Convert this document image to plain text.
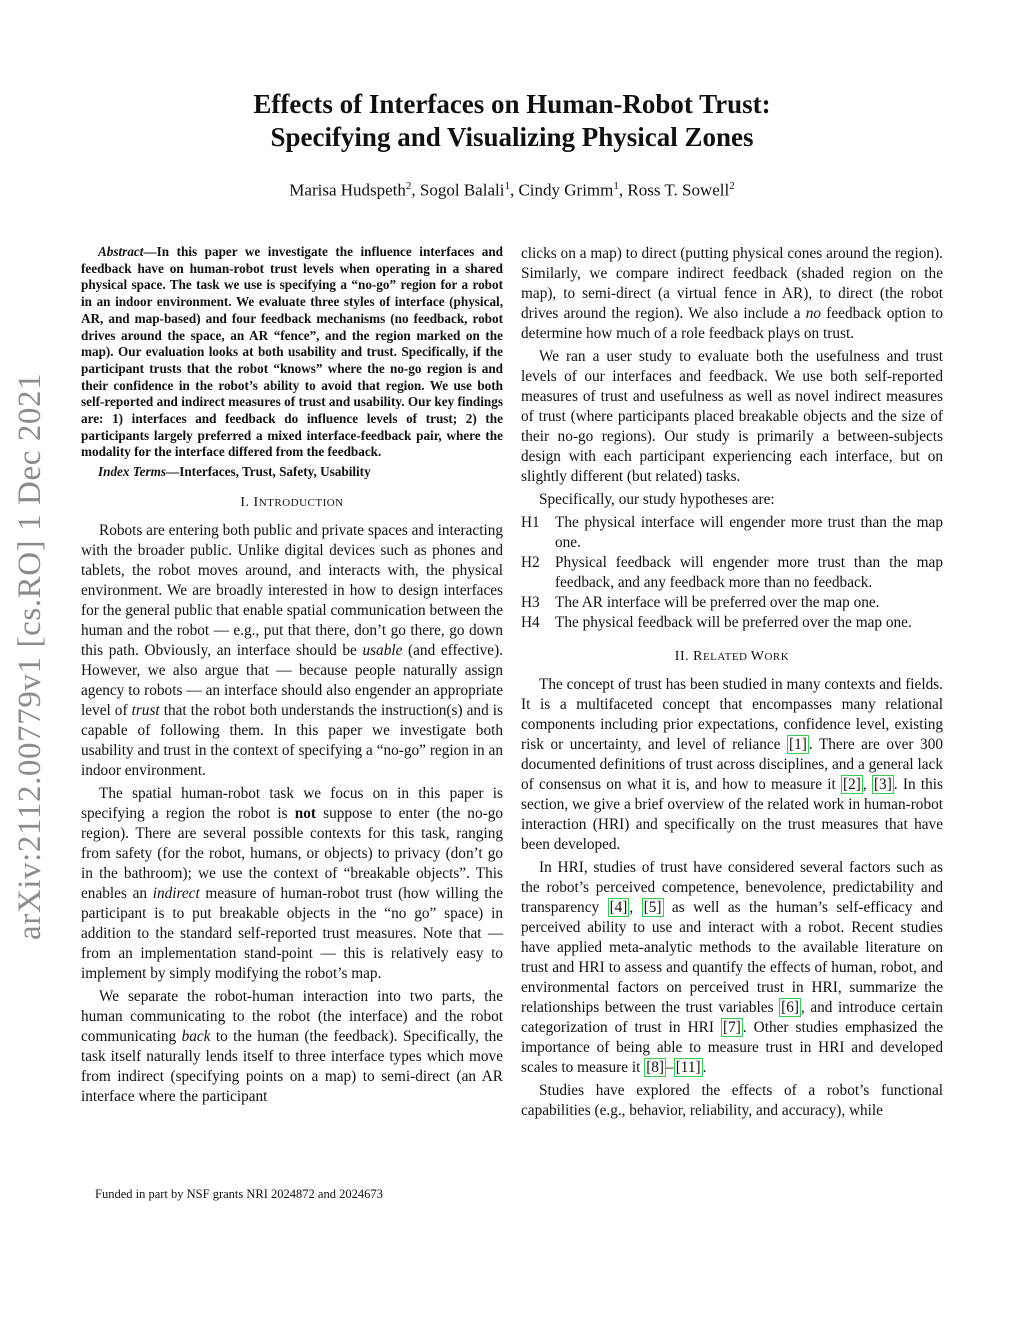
Effects of Interfaces on Human-Robot Trust:
Specifying and Visualizing Physical Zones
Marisa Hudspeth$^2$, Sogol Balali$^1$, Cindy Grimm$^1$, Ross T. Sowell$^2$
arXiv:2112.00779v1 [cs.RO] 1 Dec 2021

Abstract—In this paper we investigate the influence interfaces and feedback have on human-robot trust levels when operating in a shared physical space. The task we use is specifying a “no-go” region for a robot in an indoor environment. We evaluate three styles of interface (physical, AR, and map-based) and four feedback mechanisms (no feedback, robot drives around the space, an AR “fence”, and the region marked on the map). Our evaluation looks at both usability and trust. Specifically, if the participant trusts that the robot “knows” where the no-go region is and their confidence in the robot’s ability to avoid that region. We use both self-reported and indirect measures of trust and usability. Our key findings are: 1) interfaces and feedback do influence levels of trust; 2) the participants largely preferred a mixed interface-feedback pair, where the modality for the interface differed from the feedback.

Index Terms—Interfaces, Trust, Safety, Usability

I. INTRODUCTION

Robots are entering both public and private spaces and interacting with the broader public. Unlike digital devices such as phones and tablets, the robot moves around, and interacts with, the physical environment. We are broadly interested in how to design interfaces for the general public that enable spatial communication between the human and the robot — e.g., put that there, don’t go there, go down this path. Obviously, an interface should be usable (and effective). However, we also argue that — because people naturally assign agency to robots — an interface should also engender an appropriate level of trust that the robot both understands the instruction(s) and is capable of following them. In this paper we investigate both usability and trust in the context of specifying a “no-go” region in an indoor environment.

The spatial human-robot task we focus on in this paper is specifying a region the robot is not suppose to enter (the no-go region). There are several possible contexts for this task, ranging from safety (for the robot, humans, or objects) to privacy (don’t go in the bathroom); we use the context of “breakable objects”. This enables an indirect measure of human-robot trust (how willing the participant is to put breakable objects in the “no go” space) in addition to the standard self-reported trust measures. Note that — from an implementation stand-point — this is relatively easy to implement by simply modifying the robot’s map.

We separate the robot-human interaction into two parts, the human communicating to the robot (the interface) and the robot communicating back to the human (the feedback). Specifically, the task itself naturally lends itself to three interface types which move from indirect (specifying points on a map) to semi-direct (an AR interface where the participant

clicks on a map) to direct (putting physical cones around the region). Similarly, we compare indirect feedback (shaded region on the map), to semi-direct (a virtual fence in AR), to direct (the robot drives around the region). We also include a no feedback option to determine how much of a role feedback plays on trust.

We ran a user study to evaluate both the usefulness and trust levels of our interfaces and feedback. We use both self-reported measures of trust and usefulness as well as novel indirect measures of trust (where participants placed breakable objects and the size of their no-go regions). Our study is primarily a between-subjects design with each participant experiencing each interface, but on slightly different (but related) tasks.

Specifically, our study hypotheses are:

H1 The physical interface will engender more trust than the map one.
H2 Physical feedback will engender more trust than the map feedback, and any feedback more than no feedback.
H3 The AR interface will be preferred over the map one.
H4 The physical feedback will be preferred over the map one.
II. RELATED WORK

The concept of trust has been studied in many contexts and fields. It is a multifaceted concept that encompasses many relational components including prior expectations, confidence level, existing risk or uncertainty, and level of reliance [1] . There are over 300 documented definitions of trust across disciplines, and a general lack of consensus on what it is, and how to measure it [2] , [3] . In this section, we give a brief overview of the related work in human-robot interaction (HRI) and specifically on the trust measures that have been developed.

In HRI, studies of trust have considered several factors such as the robot’s perceived competence, benevolence, predictability and transparency [4] , [5] as well as the human’s self-efficacy and perceived ability to use and interact with a robot. Recent studies have applied meta-analytic methods to the available literature on trust and HRI to assess and quantify the effects of human, robot, and environmental factors on perceived trust in HRI, summarize the relationships between the trust variables [6] , and introduce certain categorization of trust in HRI [7] . Other studies emphasized the importance of being able to measure trust in HRI and developed scales to measure it [8] – [11] .

Studies have explored the effects of a robot’s functional capabilities (e.g., behavior, reliability, and accuracy), while

Funded in part by NSF grants NRI 2024872 and 2024673
